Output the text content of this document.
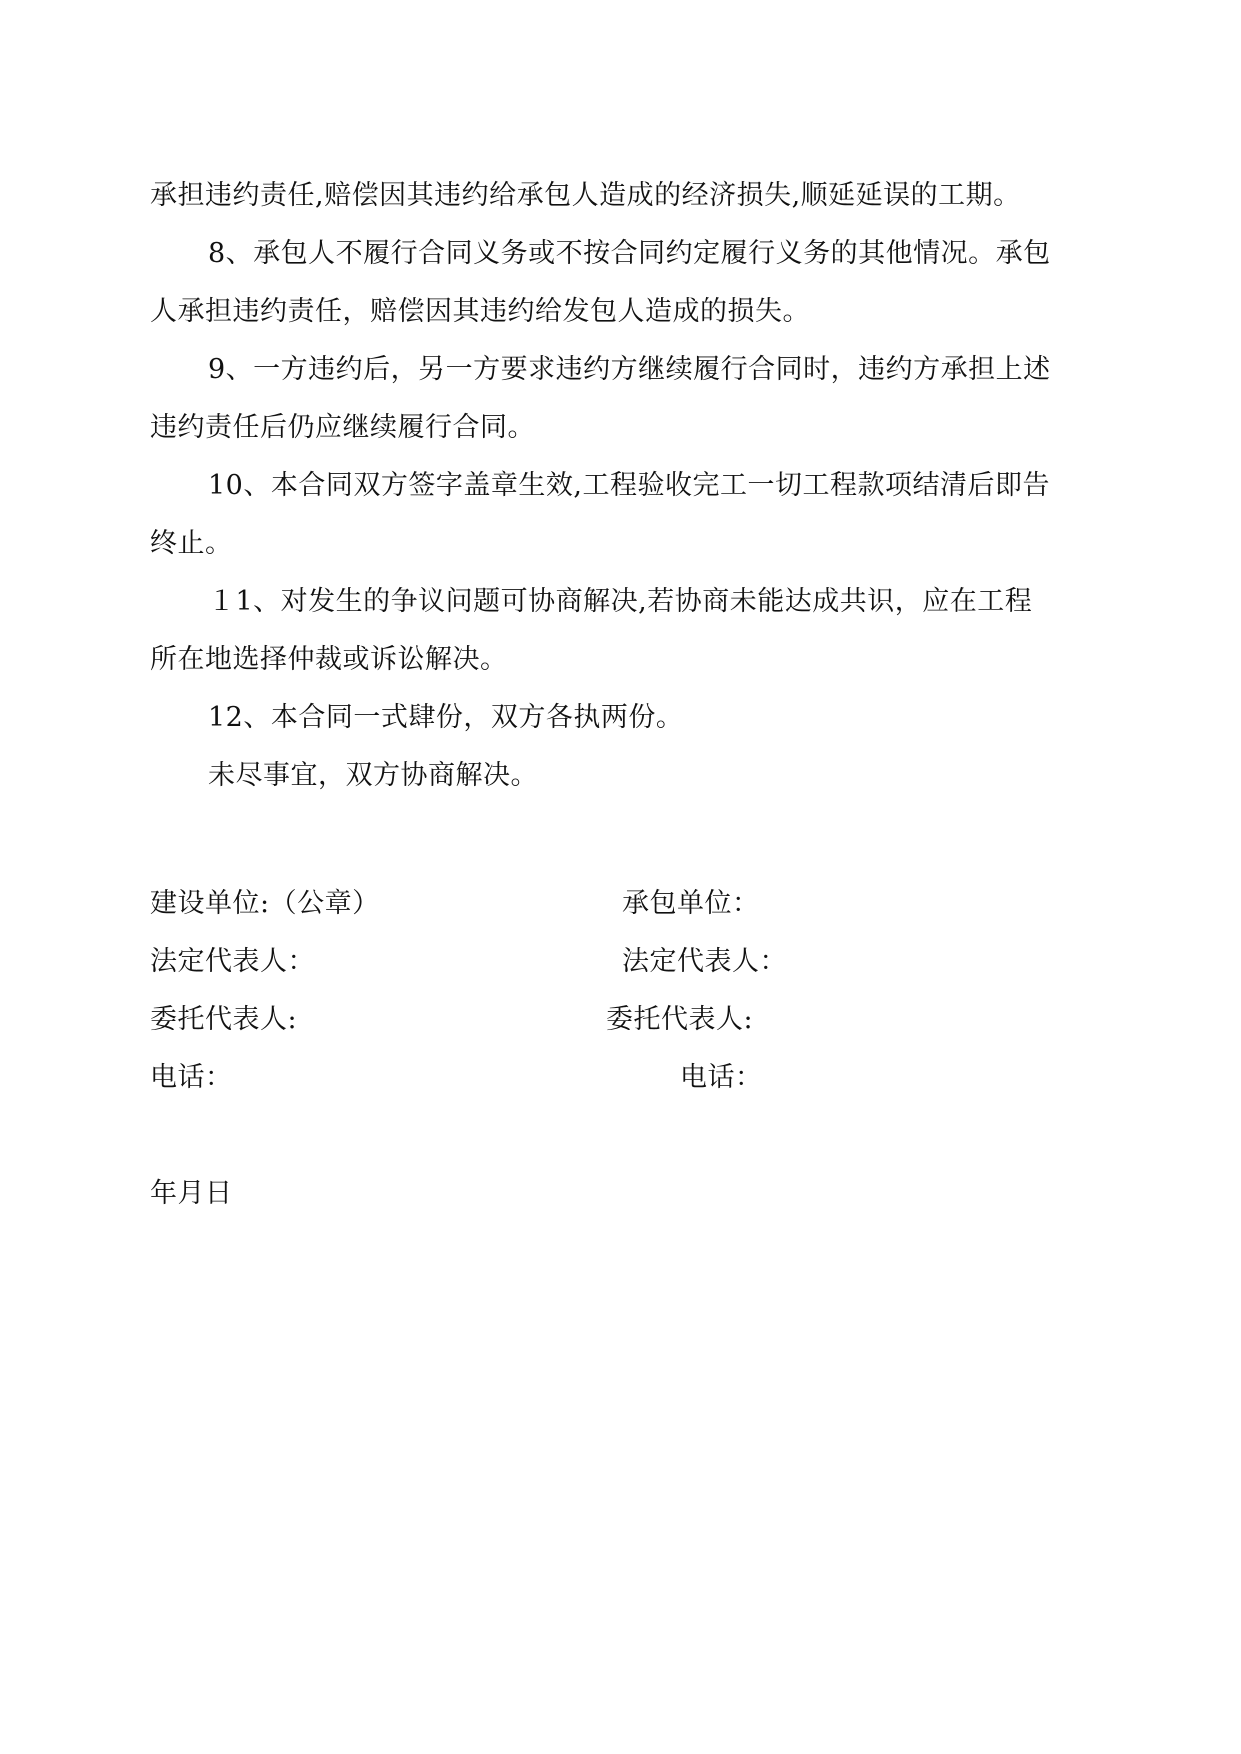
承担违约责任,赔偿因其违约给承包人造成的经济损失,顺延延误的工期。
8、承包人不履行合同义务或不按合同约定履行义务的其他情况。承包
人承担违约责任，赔偿因其违约给发包人造成的损失。
9、一方违约后，另一方要求违约方继续履行合同时，违约方承担上述
违约责任后仍应继续履行合同。
10、本合同双方签字盖章生效,工程验收完工一切工程款项结清后即告
终止。
１1、对发生的争议问题可协商解决,若协商未能达成共识，应在工程
所在地选择仲裁或诉讼解决。
12、本合同一式肆份，双方各执两份。
未尽事宜，双方协商解决。
建设单位:（公章）	承包单位：
法定代表人：	法定代表人：
委托代表人:	委托代表人:
电话：	电话：
年月日
